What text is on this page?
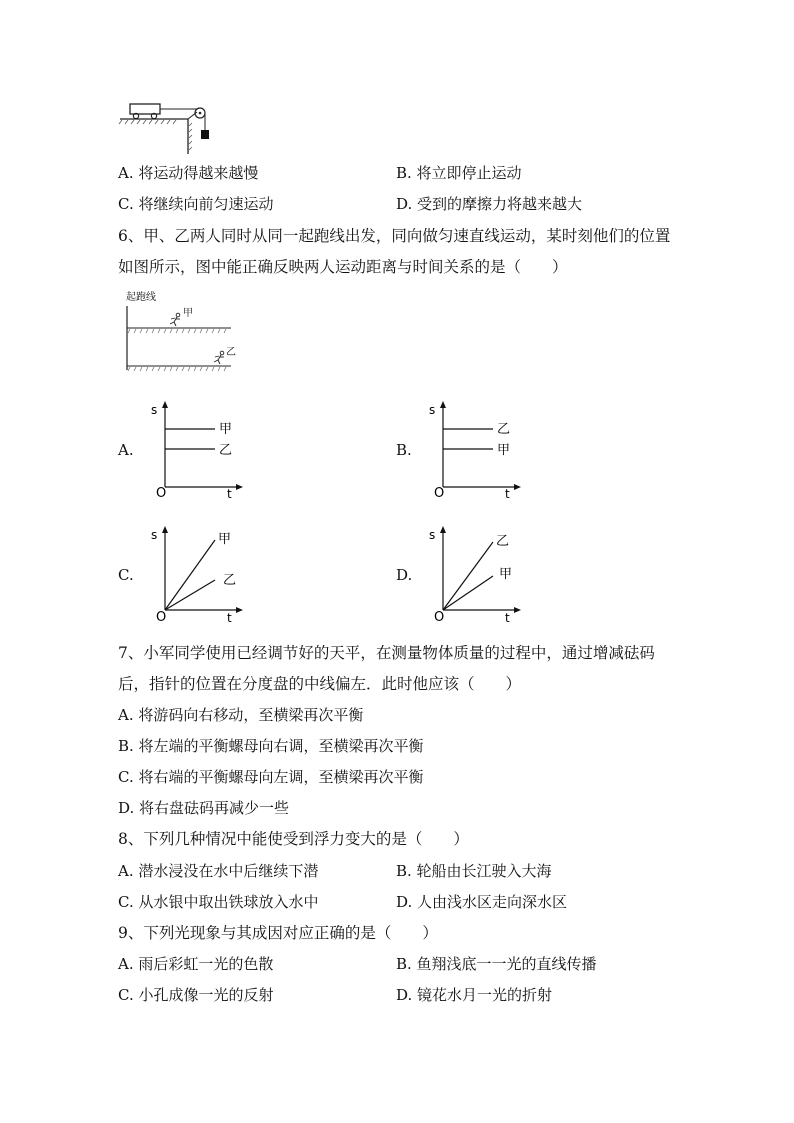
A. 将运动得越来越慢	B. 将立即停止运动
C. 将继续向前匀速运动	D. 受到的摩擦力将越来越大
6、甲、乙两人同时从同一起跑线出发，同向做匀速直线运动，某时刻他们的位置如图所示，图中能正确反映两人运动距离与时间关系的是（　　）
起跑线
甲
乙
A.
s
O	t
甲
乙	B.
s
O	t
乙
甲
C.
s
O	t
甲
乙	D.
s
O	t
乙
甲
7、小军同学使用已经调节好的天平，在测量物体质量的过程中，通过增减砝码
后，指针的位置在分度盘的中线偏左．此时他应该（　　）
A. 将游码向右移动，至横梁再次平衡
B. 将左端的平衡螺母向右调，至横梁再次平衡
C. 将右端的平衡螺母向左调，至横梁再次平衡
D. 将右盘砝码再减少一些
8、下列几种情况中能使受到浮力变大的是（　　）
A. 潜水浸没在水中后继续下潜	B. 轮船由长江驶入大海
C. 从水银中取出铁球放入水中	D. 人由浅水区走向深水区
9、下列光现象与其成因对应正确的是（　　）
A. 雨后彩虹一光的色散	B. 鱼翔浅底一一光的直线传播
C. 小孔成像一光的反射	D. 镜花水月一光的折射
